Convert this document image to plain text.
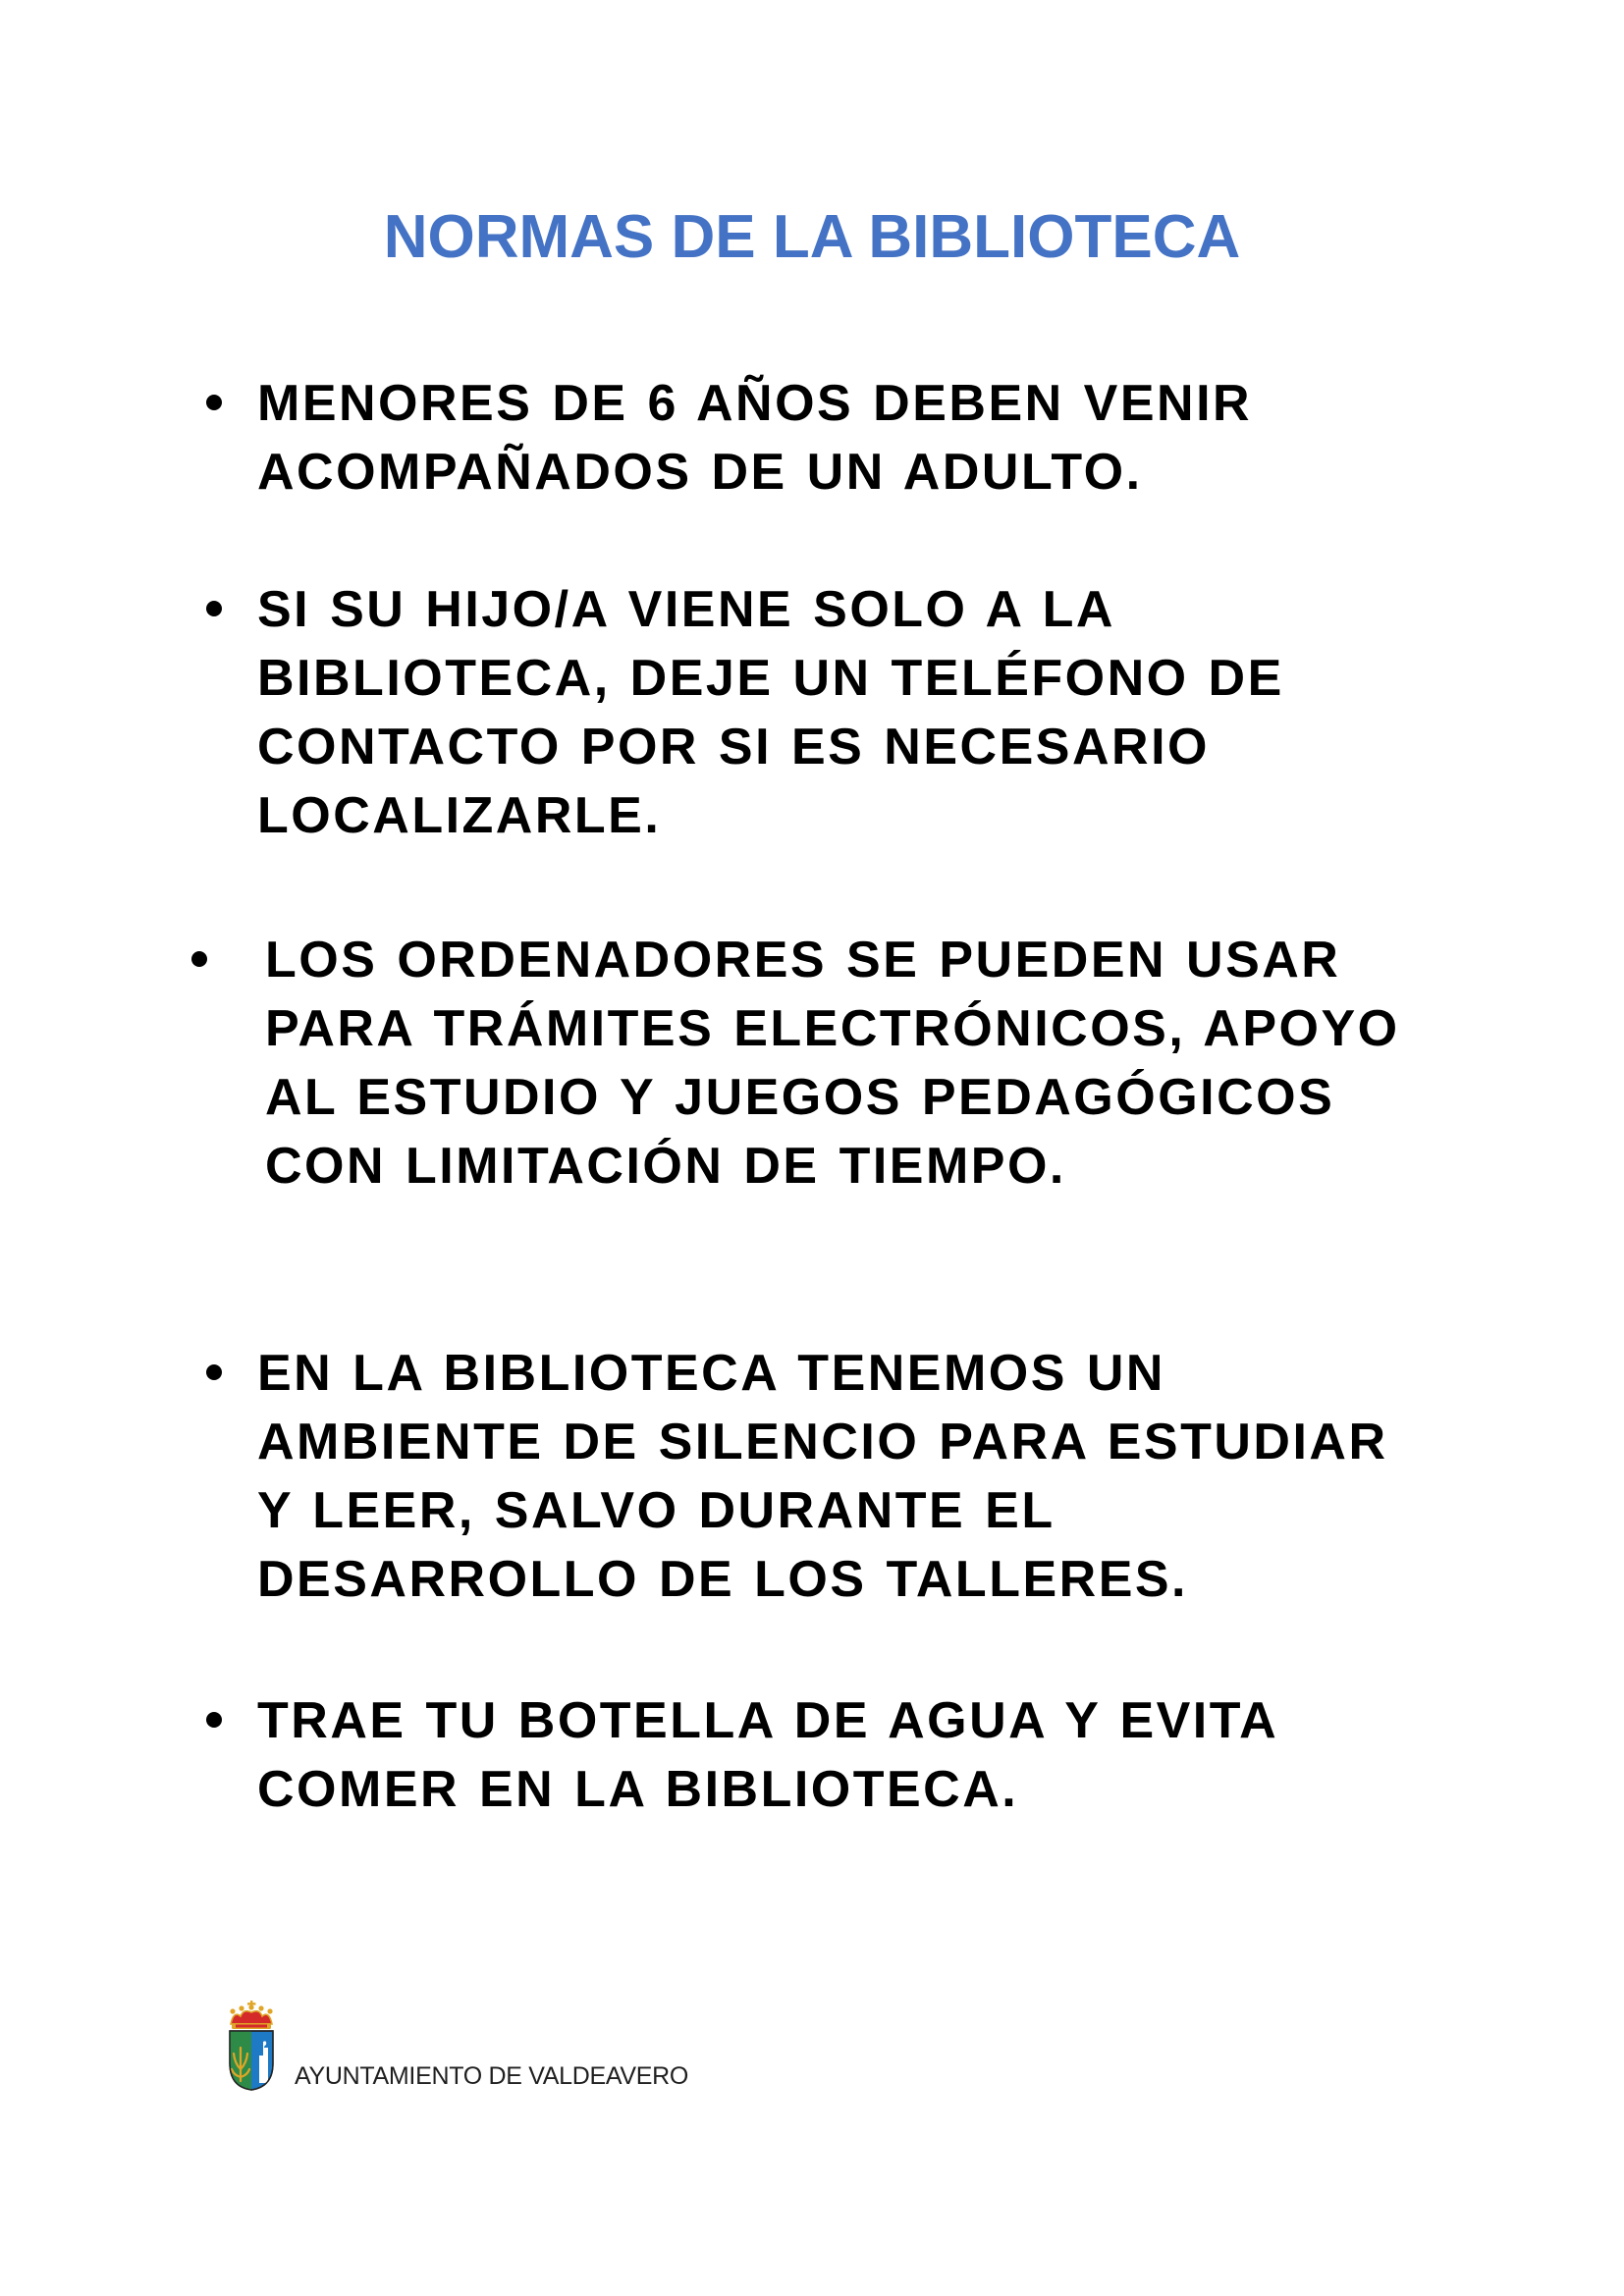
NORMAS DE LA BIBLIOTECA
MENORES DE 6 AÑOS DEBEN VENIR
ACOMPAÑADOS DE UN ADULTO.
SI SU HIJO/A VIENE SOLO A LA
BIBLIOTECA, DEJE UN TELÉFONO DE
CONTACTO POR SI ES NECESARIO
LOCALIZARLE.
LOS ORDENADORES SE PUEDEN USAR
PARA TRÁMITES ELECTRÓNICOS, APOYO
AL ESTUDIO Y JUEGOS PEDAGÓGICOS
CON LIMITACIÓN DE TIEMPO.
EN LA BIBLIOTECA TENEMOS UN
AMBIENTE DE SILENCIO PARA ESTUDIAR
Y LEER, SALVO DURANTE EL
DESARROLLO DE LOS TALLERES.
TRAE TU BOTELLA DE AGUA Y EVITA
COMER EN LA BIBLIOTECA.
AYUNTAMIENTO DE VALDEAVERO
